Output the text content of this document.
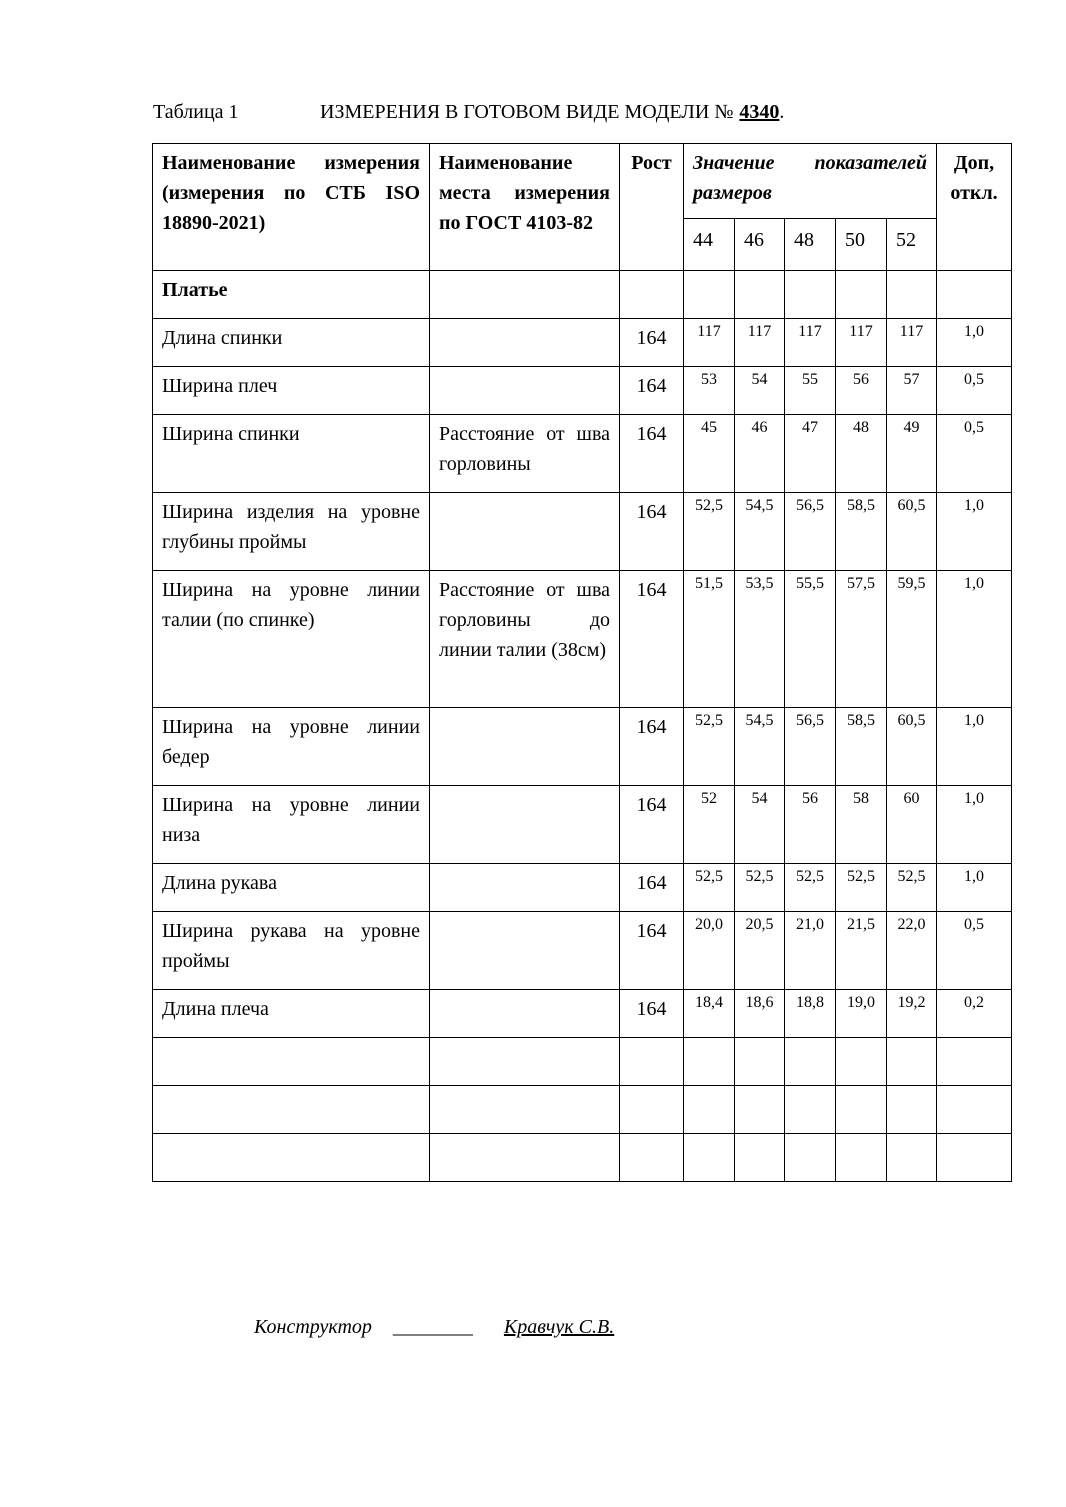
Таблица 1	ИЗМЕРЕНИЯ В ГОТОВОМ ВИДЕ МОДЕЛИ № 4340.
Наименование измерения (измерения по СТБ ISO 18890-2021)	Наименование места измерения по ГОСТ 4103-82	Рост	Значение показателей размеров					Доп, откл.
			44	46	48	50	52	
Платье								
Длина спинки		164	117	117	117	117	117	1,0
Ширина плеч		164	53	54	55	56	57	0,5
Ширина спинки	Расстояние от шва горловины	164	45	46	47	48	49	0,5
Ширина изделия на уровне глубины проймы		164	52,5	54,5	56,5	58,5	60,5	1,0
Ширина на уровне линии талии (по спинке)	Расстояние от шва горловины до линии талии (38см)	164	51,5	53,5	55,5	57,5	59,5	1,0
Ширина на уровне линии бедер		164	52,5	54,5	56,5	58,5	60,5	1,0
Ширина на уровне линии низа		164	52	54	56	58	60	1,0
Длина рукава		164	52,5	52,5	52,5	52,5	52,5	1,0
Ширина рукава на уровне проймы		164	20,0	20,5	21,0	21,5	22,0	0,5
Длина плеча		164	18,4	18,6	18,8	19,0	19,2	0,2

Конструктор ________ Кравчук С.В.
